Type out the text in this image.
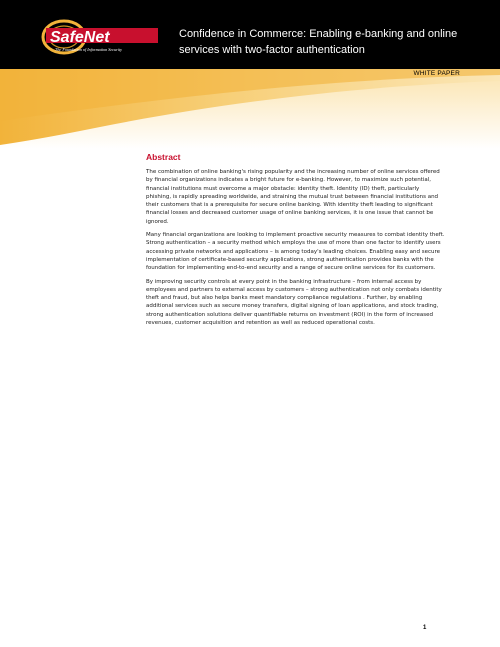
SafeNet
The Foundation of Information Security
Confidence in Commerce: Enabling e-banking and online
services with two-factor authentication
WHITE PAPER
Abstract

The combination of online banking's rising popularity and the increasing number of online services offered
by financial organizations indicates a bright future for e-banking. However, to maximize such potential,
financial institutions must overcome a major obstacle: identity theft. Identity (ID) theft, particularly
phishing, is rapidly spreading worldwide, and straining the mutual trust between financial institutions and
their customers that is a prerequisite for secure online banking. With identity theft leading to significant
financial losses and decreased customer usage of online banking services, it is one issue that cannot be
ignored.

Many financial organizations are looking to implement proactive security measures to combat identity theft.
Strong authentication – a security method which employs the use of more than one factor to identify users
accessing private networks and applications – is among today's leading choices. Enabling easy and secure
implementation of certificate-based security applications, strong authentication provides banks with the
foundation for implementing end-to-end security and a range of secure online services for its customers.

By improving security controls at every point in the banking infrastructure – from internal access by
employees and partners to external access by customers – strong authentication not only combats identity
theft and fraud, but also helps banks meet mandatory compliance regulations . Further, by enabling
additional services such as secure money transfers, digital signing of loan applications, and stock trading,
strong authentication solutions deliver quantifiable returns on investment (ROI) in the form of increased
revenues, customer acquisition and retention as well as reduced operational costs.

1
